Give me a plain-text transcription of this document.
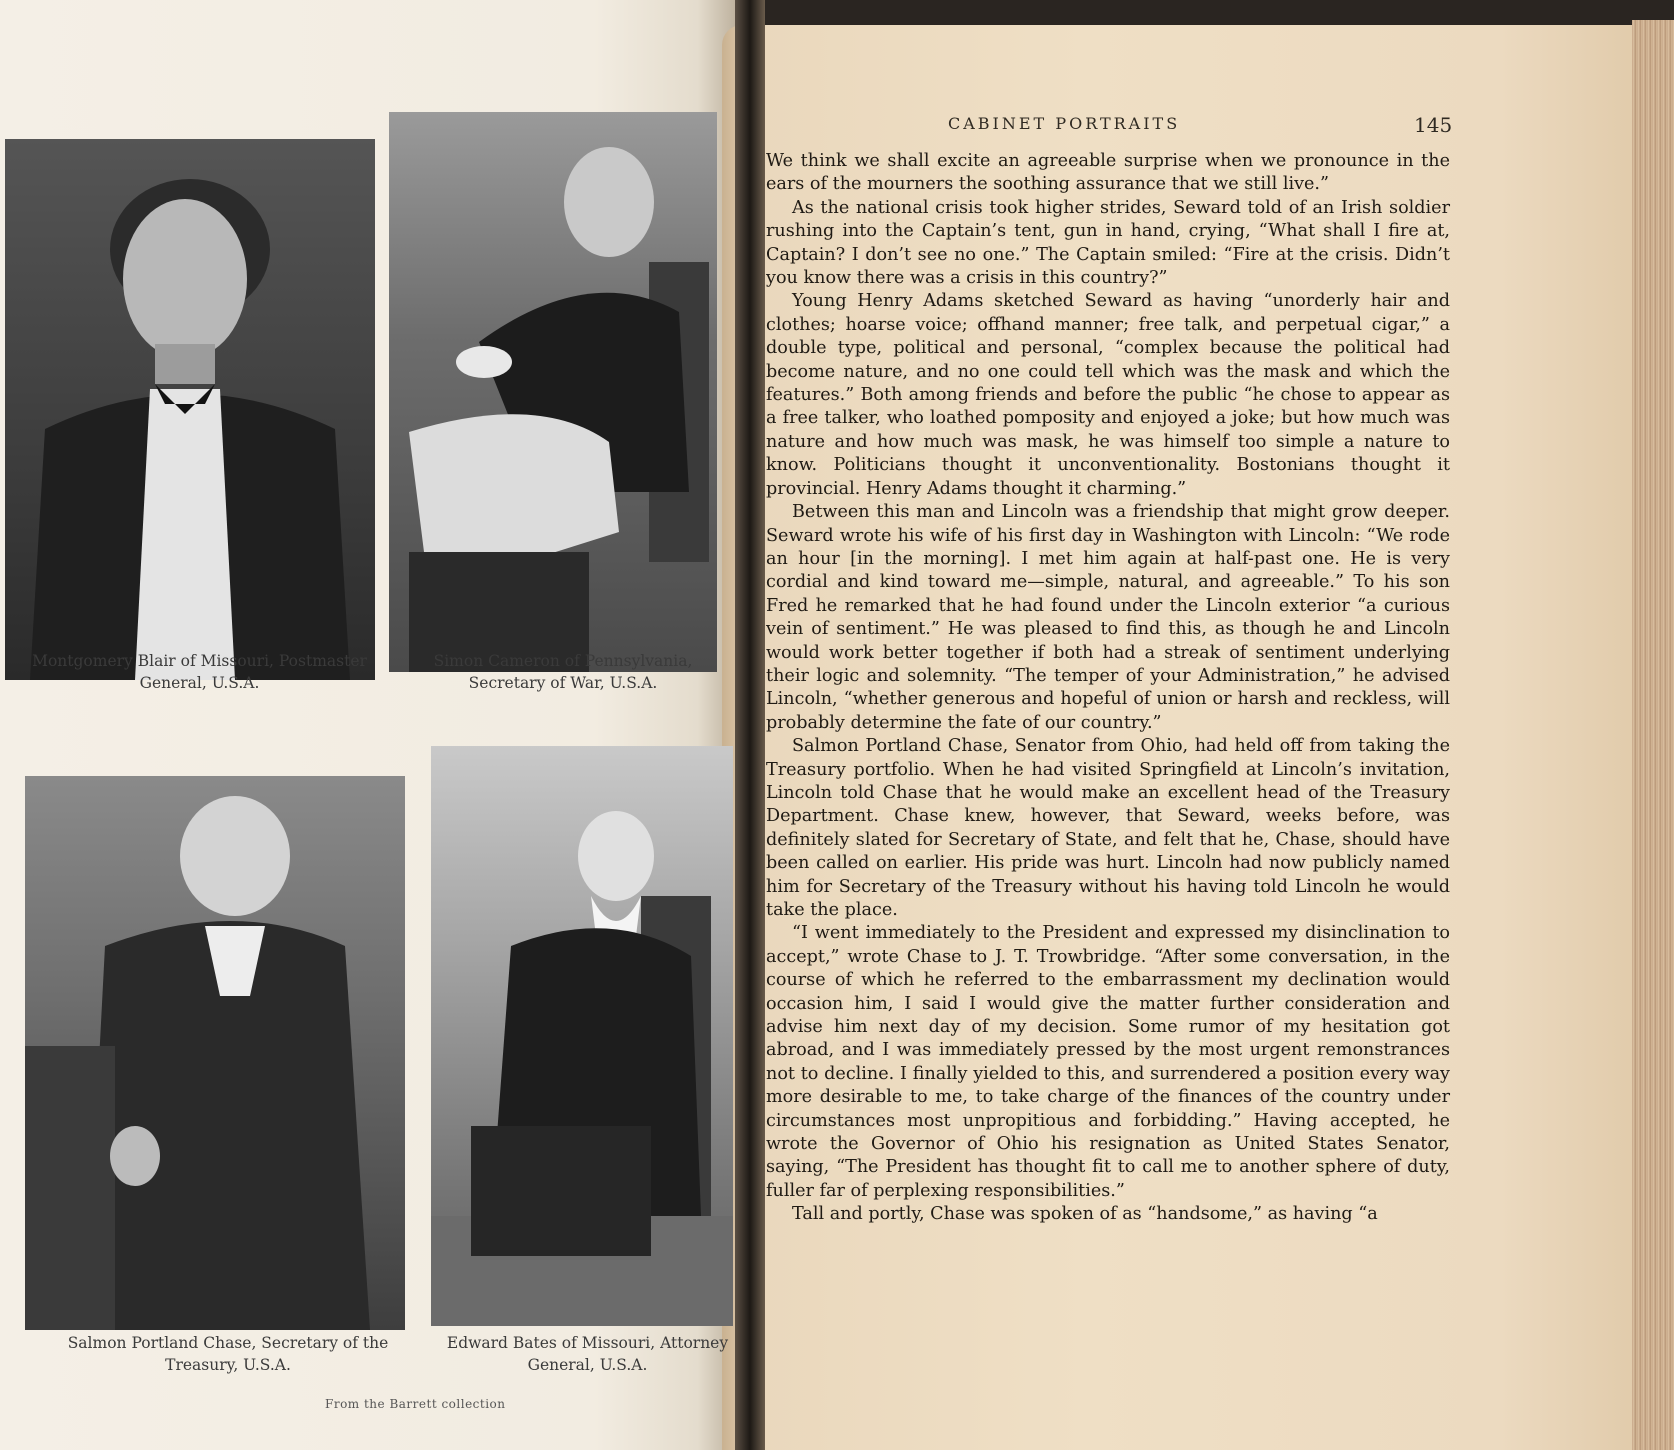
Montgomery Blair of Missouri, Postmaster General, U.S.A.
Simon Cameron of Pennsylvania, Secretary of War, U.S.A.
Salmon Portland Chase, Secretary of the Treasury, U.S.A.
Edward Bates of Missouri, Attorney General, U.S.A.
From the Barrett collection
CABINET PORTRAITS	145

We think we shall excite an agreeable surprise when we pronounce in the ears of the mourners the soothing assurance that we still live.”

As the national crisis took higher strides, Seward told of an Irish soldier rushing into the Captain’s tent, gun in hand, crying, “What shall I fire at, Captain? I don’t see no one.” The Captain smiled: “Fire at the crisis. Didn’t you know there was a crisis in this country?”

Young Henry Adams sketched Seward as having “unorderly hair and clothes; hoarse voice; offhand manner; free talk, and perpetual cigar,” a double type, political and personal, “complex because the political had become nature, and no one could tell which was the mask and which the features.” Both among friends and before the public “he chose to appear as a free talker, who loathed pomposity and enjoyed a joke; but how much was nature and how much was mask, he was himself too simple a nature to know. Politicians thought it unconventionality. Bostonians thought it provincial. Henry Adams thought it charming.”

Between this man and Lincoln was a friendship that might grow deeper. Seward wrote his wife of his first day in Washington with Lincoln: “We rode an hour [in the morning]. I met him again at half-past one. He is very cordial and kind toward me—simple, natural, and agreeable.” To his son Fred he remarked that he had found under the Lincoln exterior “a curious vein of sentiment.” He was pleased to find this, as though he and Lincoln would work better together if both had a streak of sentiment underlying their logic and solemnity. “The temper of your Administration,” he advised Lincoln, “whether generous and hopeful of union or harsh and reckless, will probably determine the fate of our country.”

Salmon Portland Chase, Senator from Ohio, had held off from taking the Treasury portfolio. When he had visited Springfield at Lincoln’s invitation, Lincoln told Chase that he would make an excellent head of the Treasury Department. Chase knew, however, that Seward, weeks before, was definitely slated for Secretary of State, and felt that he, Chase, should have been called on earlier. His pride was hurt. Lincoln had now publicly named him for Secretary of the Treasury without his having told Lincoln he would take the place.

“I went immediately to the President and expressed my disinclination to accept,” wrote Chase to J. T. Trowbridge. “After some conversation, in the course of which he referred to the embarrassment my declination would occasion him, I said I would give the matter further consideration and advise him next day of my decision. Some rumor of my hesitation got abroad, and I was immediately pressed by the most urgent remonstrances not to decline. I finally yielded to this, and surrendered a position every way more desirable to me, to take charge of the finances of the country under circumstances most unpropitious and forbidding.” Having accepted, he wrote the Governor of Ohio his resignation as United States Senator, saying, “The President has thought fit to call me to another sphere of duty, fuller far of perplexing responsibilities.”

Tall and portly, Chase was spoken of as “handsome,” as having “a
